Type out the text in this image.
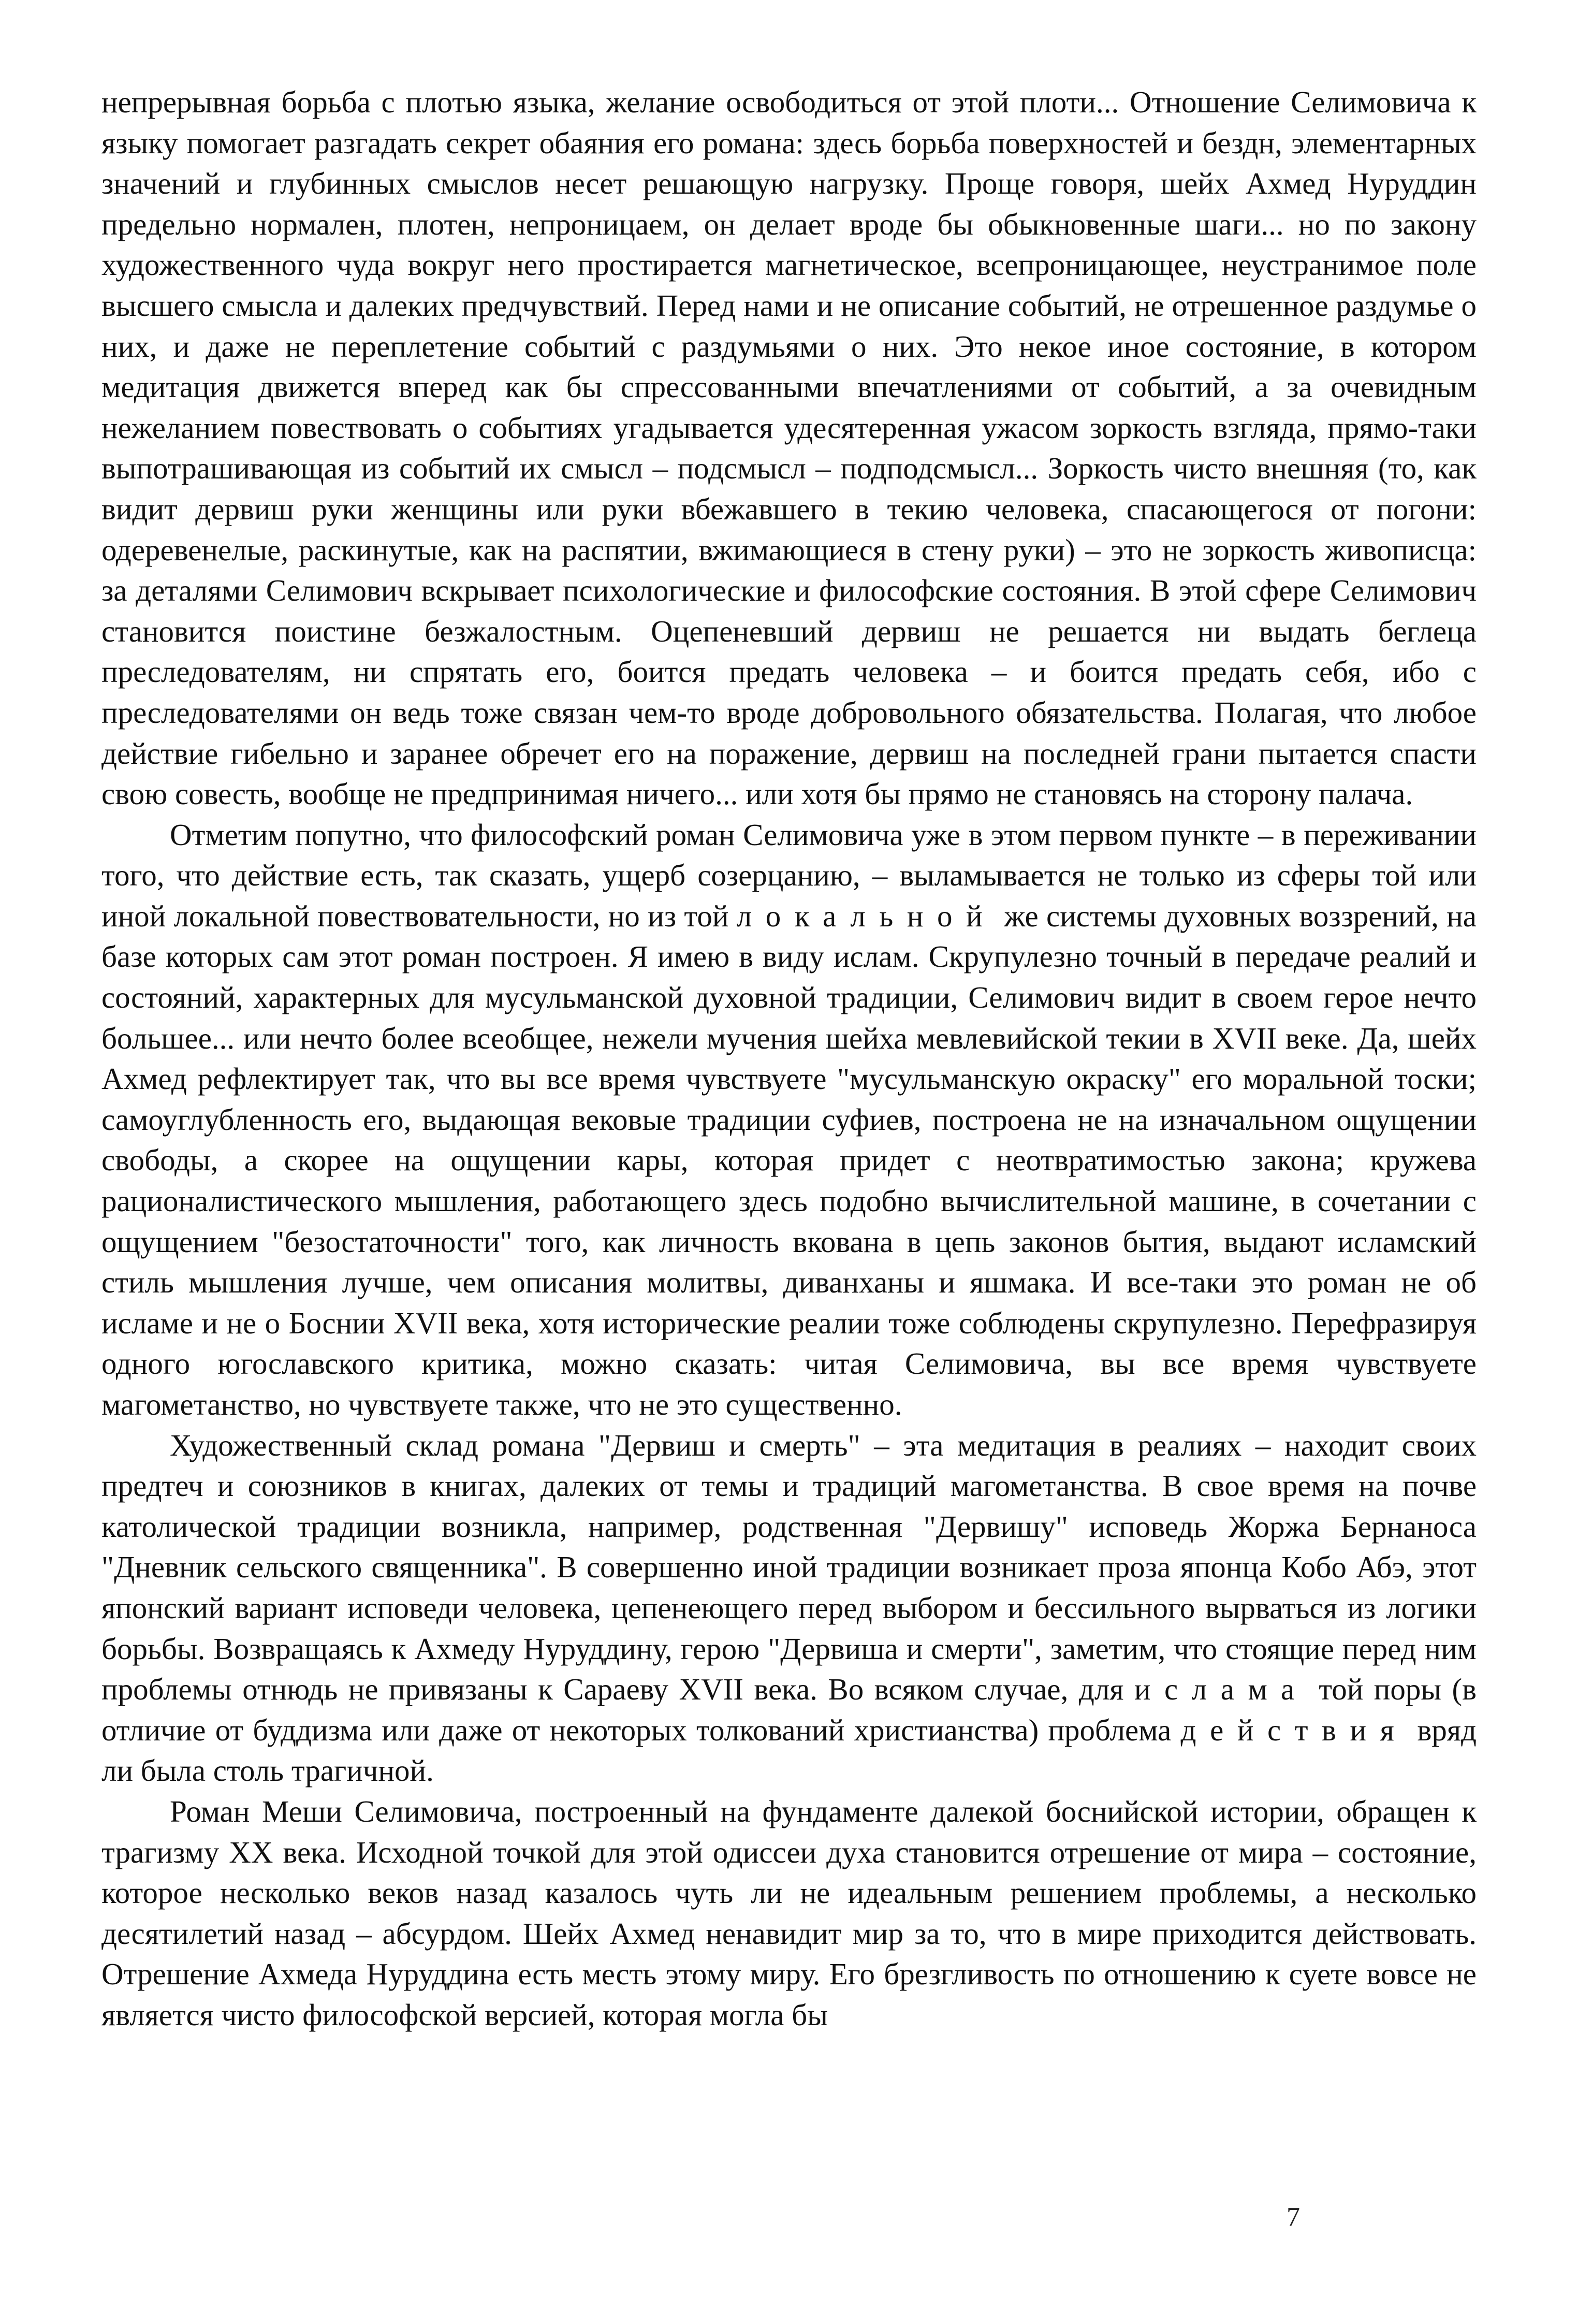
непрерывная борьба с плотью языка, желание освободиться от этой плоти... Отношение Селимовича к языку помогает разгадать секрет обаяния его романа: здесь борьба поверхностей и бездн, элементарных значений и глубинных смыслов несет решающую нагрузку. Проще говоря, шейх Ахмед Нуруддин предельно нормален, плотен, непроницаем, он делает вроде бы обыкновенные шаги... но по закону художественного чуда вокруг него простирается магнетическое, всепроницающее, неустранимое поле высшего смысла и далеких предчувствий. Перед нами и не описание событий, не отрешенное раздумье о них, и даже не переплетение событий с раздумьями о них. Это некое иное состояние, в котором медитация движется вперед как бы спрессованными впечатлениями от событий, а за очевидным нежеланием повествовать о событиях угадывается удесятеренная ужасом зоркость взгляда, прямо-таки выпотрашивающая из событий их смысл – подсмысл – подподсмысл... Зоркость чисто внешняя (то, как видит дервиш руки женщины или руки вбежавшего в текию человека, спасающегося от погони: одеревенелые, раскинутые, как на распятии, вжимающиеся в стену руки) – это не зоркость живописца: за деталями Селимович вскрывает психологические и философские состояния. В этой сфере Селимович становится поистине безжалостным. Оцепеневший дервиш не решается ни выдать беглеца преследователям, ни спрятать его, боится предать человека – и боится предать себя, ибо с преследователями он ведь тоже связан чем-то вроде добровольного обязательства. Полагая, что любое действие гибельно и заранее обречет его на поражение, дервиш на последней грани пытается спасти свою совесть, вообще не предпринимая ничего... или хотя бы прямо не становясь на сторону палача.

Отметим попутно, что философский роман Селимовича уже в этом первом пункте – в переживании того, что действие есть, так сказать, ущерб созерцанию, – выламывается не только из сферы той или иной локальной повествовательности, но из той локальной же системы духовных воззрений, на базе которых сам этот роман построен. Я имею в виду ислам. Скрупулезно точный в передаче реалий и состояний, характерных для мусульманской духовной традиции, Селимович видит в своем герое нечто большее... или нечто более всеобщее, нежели мучения шейха мевлевийской текии в XVII веке. Да, шейх Ахмед рефлектирует так, что вы все время чувствуете "мусульманскую окраску" его моральной тоски; самоуглубленность его, выдающая вековые традиции суфиев, построена не на изначальном ощущении свободы, а скорее на ощущении кары, которая придет с неотвратимостью закона; кружева рационалистического мышления, работающего здесь подобно вычислительной машине, в сочетании с ощущением "безостаточности" того, как личность вкована в цепь законов бытия, выдают исламский стиль мышления лучше, чем описания молитвы, диванханы и яшмака. И все-таки это роман не об исламе и не о Боснии XVII века, хотя исторические реалии тоже соблюдены скрупулезно. Перефразируя одного югославского критика, можно сказать: читая Селимовича, вы все время чувствуете магометанство, но чувствуете также, что не это существенно.

Художественный склад романа "Дервиш и смерть" – эта медитация в реалиях – находит своих предтеч и союзников в книгах, далеких от темы и традиций магометанства. В свое время на почве католической традиции возникла, например, родственная "Дервишу" исповедь Жоржа Бернаноса "Дневник сельского священника". В совершенно иной традиции возникает проза японца Кобо Абэ, этот японский вариант исповеди человека, цепенеющего перед выбором и бессильного вырваться из логики борьбы. Возвращаясь к Ахмеду Нуруддину, герою "Дервиша и смерти", заметим, что стоящие перед ним проблемы отнюдь не привязаны к Сараеву XVII века. Во всяком случае, для ислама той поры (в отличие от буддизма или даже от некоторых толкований христианства) проблема действия вряд ли была столь трагичной.

Роман Меши Селимовича, построенный на фундаменте далекой боснийской истории, обращен к трагизму XX века. Исходной точкой для этой одиссеи духа становится отрешение от мира – состояние, которое несколько веков назад казалось чуть ли не идеальным решением проблемы, а несколько десятилетий назад – абсурдом. Шейх Ахмед ненавидит мир за то, что в мире приходится действовать. Отрешение Ахмеда Нуруддина есть месть этому миру. Его брезгливость по отношению к суете вовсе не является чисто философской версией, которая могла бы

7
